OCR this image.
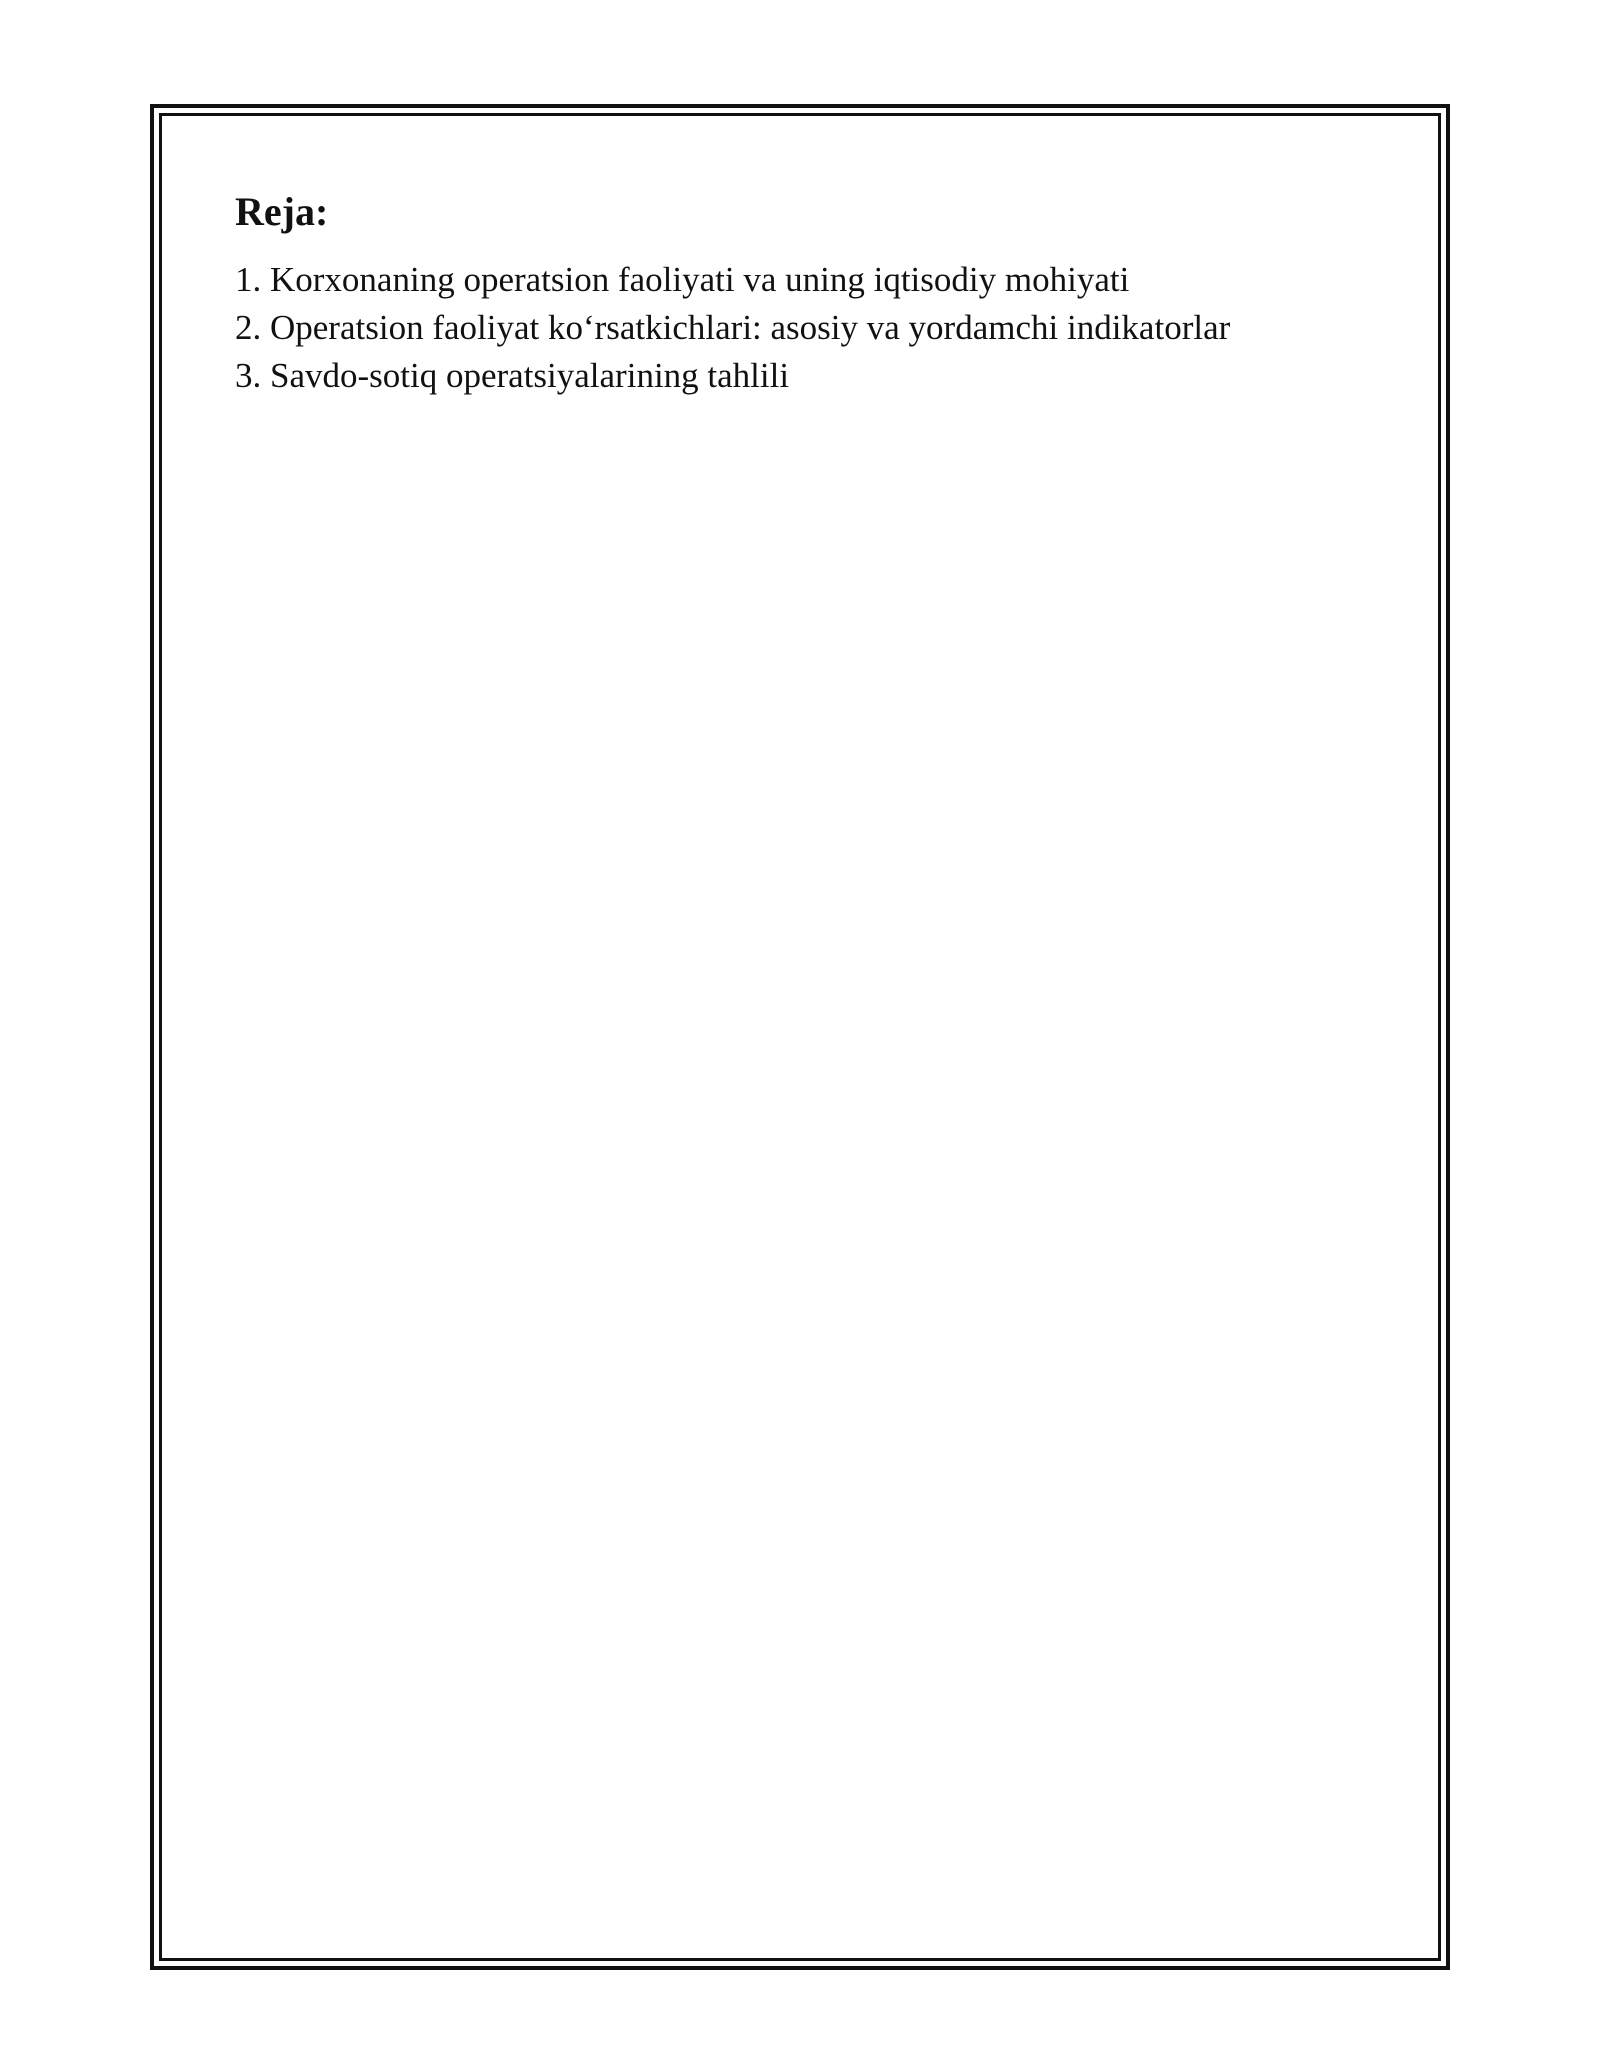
Reja:
1. Korxonaning operatsion faoliyati va uning iqtisodiy mohiyati
2. Operatsion faoliyat ko‘rsatkichlari: asosiy va yordamchi indikatorlar
3. Savdo-sotiq operatsiyalarining tahlili
